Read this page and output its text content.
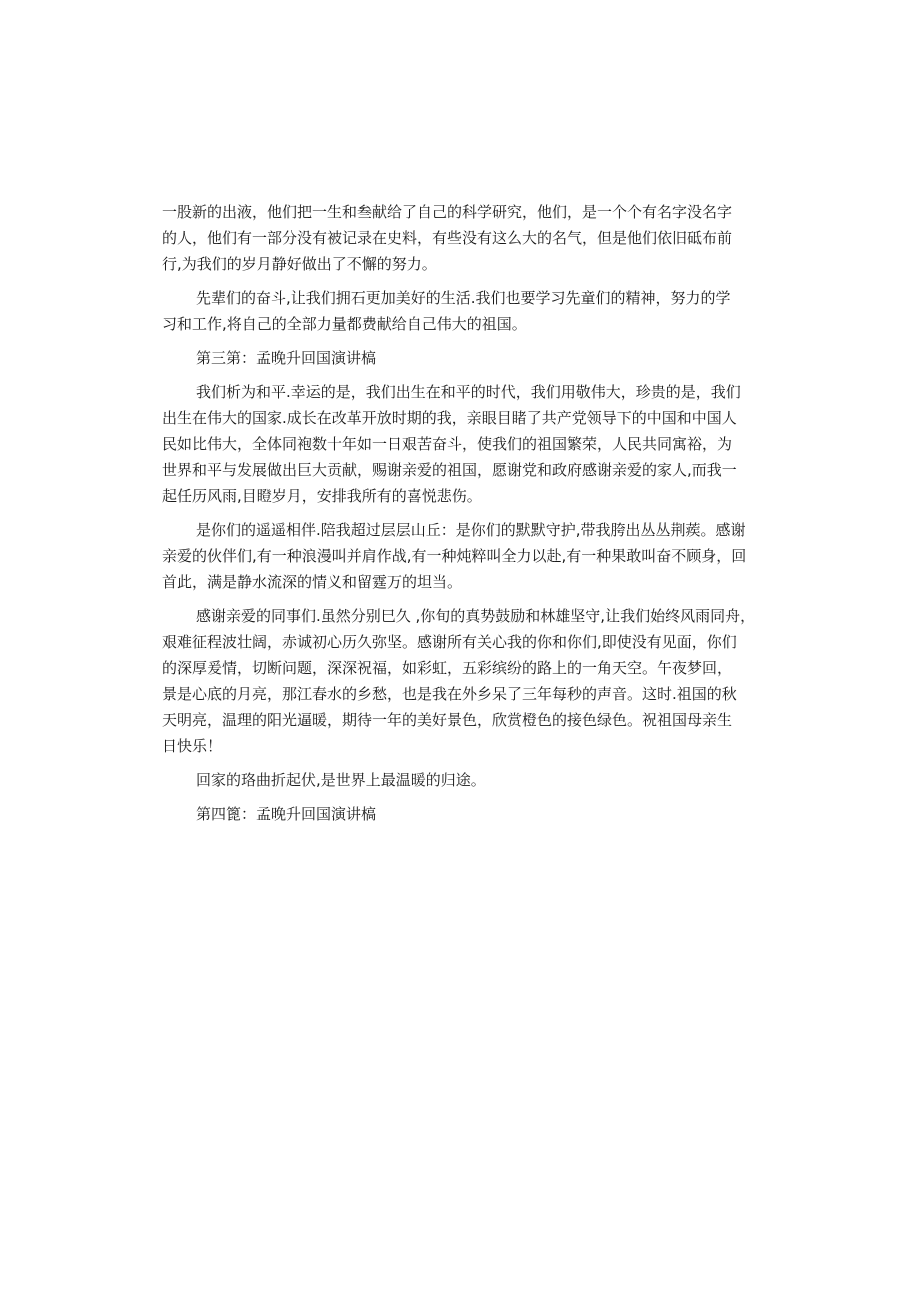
一股新的出液，他们把一生和叁献给了自己的科学研究，他们，是一个个有名字没名字
的人，他们有一部分没有被记录在史料，有些没有这么大的名气，但是他们依旧砥布前
行,为我们的岁月静好做出了不懈的努力。
先辈们的奋斗,让我们拥石更加美好的生活.我们也要学习先童们的精神，努力的学
习和工作,将自己的全部力量都费献给自己伟大的祖国。
第三第：孟晚升回国演讲槁
我们析为和平.幸运的是，我们出生在和平的时代，我们用敬伟大，珍贵的是，我们
出生在伟大的国家.成长在改革开放时期的我，亲眼目睹了共产党领导下的中国和中国人
民如比伟大，全体同袍数十年如一日艰苦奋斗，使我们的祖国繁荣，人民共同寓裕，为
世界和平与发展做出巨大贡献，赐谢亲爱的祖国，愿谢党和政府感谢亲爱的家人,而我一
起任历风雨,目瞪岁月，安排我所有的喜悦悲伤。
是你们的遥遥相伴.陪我超过层层山丘：是你们的默默守护,带我胯出丛丛荆蒺。感谢
亲爱的伙伴们,有一种浪漫叫并肩作战,有一种炖粹叫全力以赴,有一种果敢叫奋不顾身，回
首此，满是静水流深的情义和留霆万的坦当。
感谢亲爱的同事们.虽然分别巳久 ,你旬的真势鼓励和林雄坚守,让我们始终风雨同舟，
艰难征程波壮阔，赤诚初心历久弥坚。感谢所有关心我的你和你们,即使没有见面，你们
的深厚爰情，切断问题，深深祝福，如彩虹，五彩缤纷的路上的一角天空。午夜梦回，
景是心底的月亮，那江春水的乡愁，也是我在外乡呆了三年每秒的声音。这时.祖国的秋
天明亮，温理的阳光逼暖，期待一年的美好景色，欣赏橙色的接色绿色。祝祖国母亲生
日快乐！
回家的珞曲折起伏,是世界上最温暖的归途。
第四篦：孟晚升回国演讲槁
